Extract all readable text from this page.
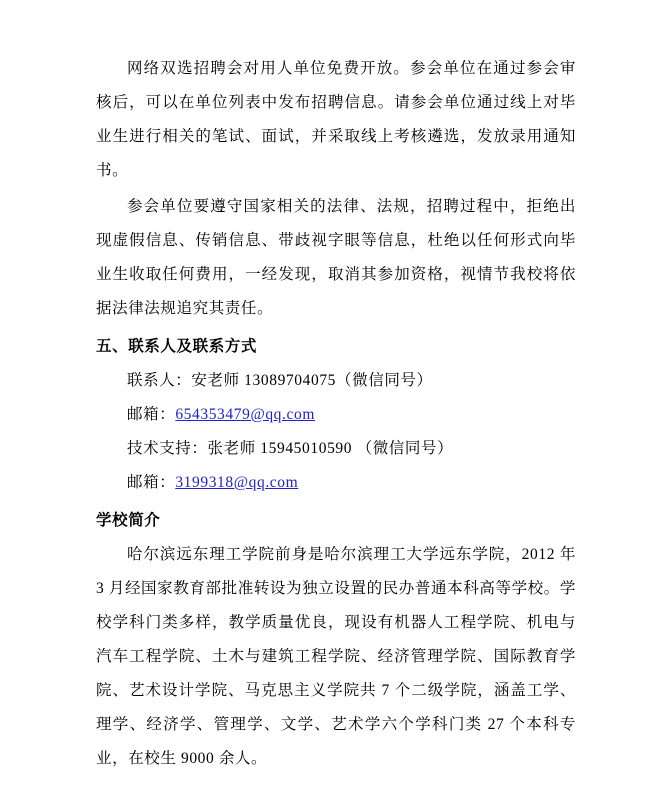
网络双选招聘会对用人单位免费开放。参会单位在通过参会审核后，可以在单位列表中发布招聘信息。请参会单位通过线上对毕业生进行相关的笔试、面试，并采取线上考核遴选，发放录用通知书。

参会单位要遵守国家相关的法律、法规，招聘过程中，拒绝出现虚假信息、传销信息、带歧视字眼等信息，杜绝以任何形式向毕业生收取任何费用，一经发现，取消其参加资格，视情节我校将依据法律法规追究其责任。

五、联系人及联系方式

联系人：安老师 13089704075（微信同号）

邮箱：654353479@qq.com

技术支持：张老师 15945010590 （微信同号）

邮箱：3199318@qq.com

学校简介

哈尔滨远东理工学院前身是哈尔滨理工大学远东学院，2012 年 3 月经国家教育部批准转设为独立设置的民办普通本科高等学校。学校学科门类多样，教学质量优良，现设有机器人工程学院、机电与汽车工程学院、土木与建筑工程学院、经济管理学院、国际教育学院、艺术设计学院、马克思主义学院共 7 个二级学院，涵盖工学、理学、经济学、管理学、文学、艺术学六个学科门类 27 个本科专业，在校生 9000 余人。
